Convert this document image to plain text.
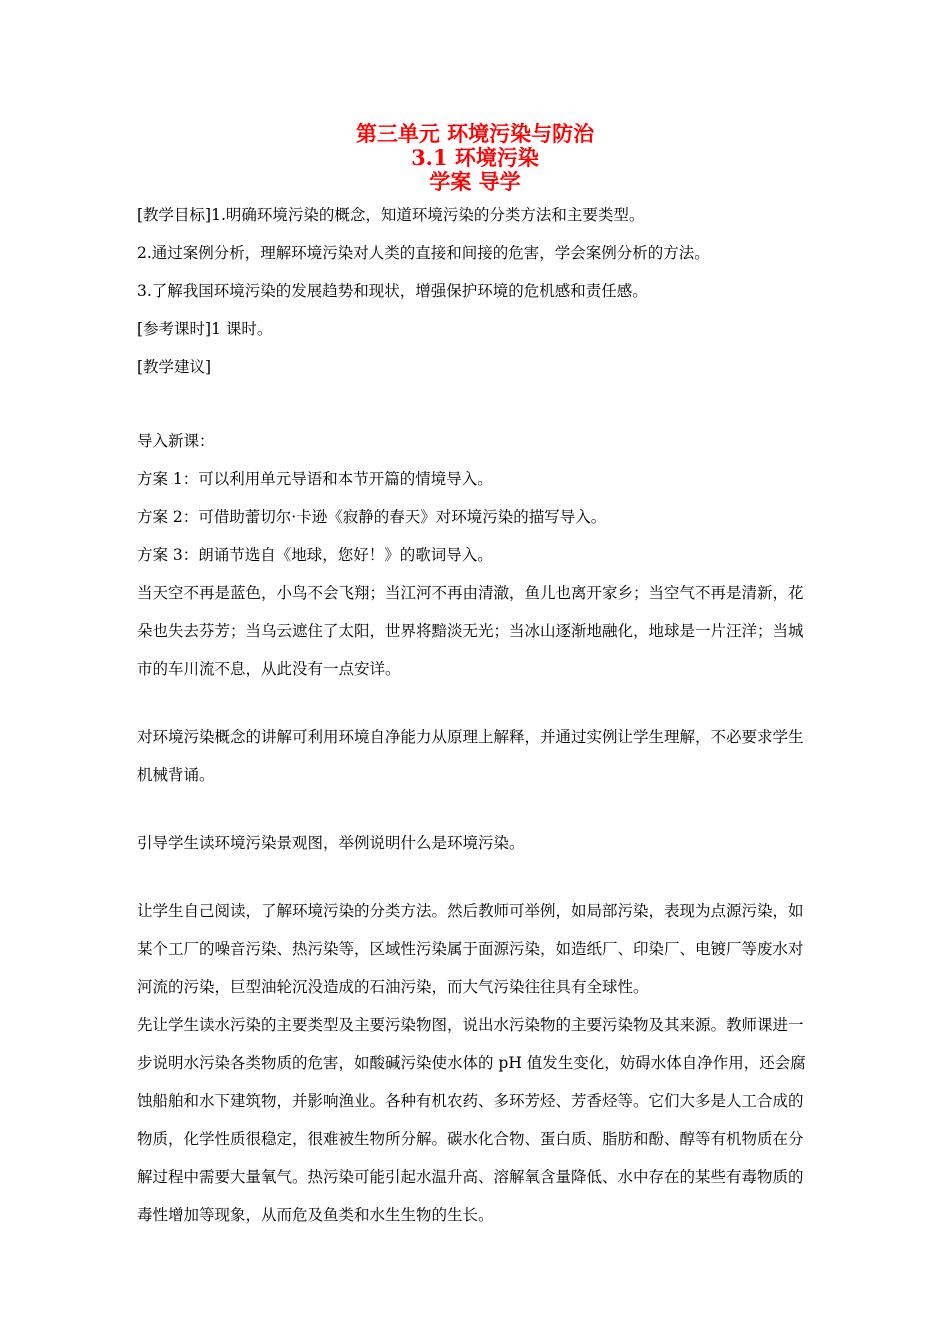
第三单元 环境污染与防治
3.1 环境污染
学案 导学
[教学目标]1.明确环境污染的概念，知道环境污染的分类方法和主要类型。
2.通过案例分析，理解环境污染对人类的直接和间接的危害，学会案例分析的方法。
3.了解我国环境污染的发展趋势和现状，增强保护环境的危机感和责任感。
[参考课时]1 课时。
[教学建议]
导入新课：
方案 1：可以利用单元导语和本节开篇的情境导入。
方案 2：可借助蕾切尔·卡逊《寂静的春天》对环境污染的描写导入。
方案 3：朗诵节选自《地球，您好！》的歌词导入。
当天空不再是蓝色，小鸟不会飞翔；当江河不再由清澈，鱼儿也离开家乡；当空气不再是清新，花朵也失去芬芳；当乌云遮住了太阳，世界将黯淡无光；当冰山逐渐地融化，地球是一片汪洋；当城市的车川流不息，从此没有一点安详。
对环境污染概念的讲解可利用环境自净能力从原理上解释，并通过实例让学生理解，不必要求学生机械背诵。
引导学生读环境污染景观图，举例说明什么是环境污染。
让学生自己阅读，了解环境污染的分类方法。然后教师可举例，如局部污染，表现为点源污染，如某个工厂的噪音污染、热污染等，区域性污染属于面源污染，如造纸厂、印染厂、电镀厂等废水对河流的污染，巨型油轮沉没造成的石油污染，而大气污染往往具有全球性。
先让学生读水污染的主要类型及主要污染物图，说出水污染物的主要污染物及其来源。教师课进一步说明水污染各类物质的危害，如酸碱污染使水体的 pH 值发生变化，妨碍水体自净作用，还会腐蚀船舶和水下建筑物，并影响渔业。各种有机农药、多环芳烃、芳香烃等。它们大多是人工合成的物质，化学性质很稳定，很难被生物所分解。碳水化合物、蛋白质、脂肪和酚、醇等有机物质在分解过程中需要大量氧气。热污染可能引起水温升高、溶解氧含量降低、水中存在的某些有毒物质的毒性增加等现象，从而危及鱼类和水生生物的生长。
